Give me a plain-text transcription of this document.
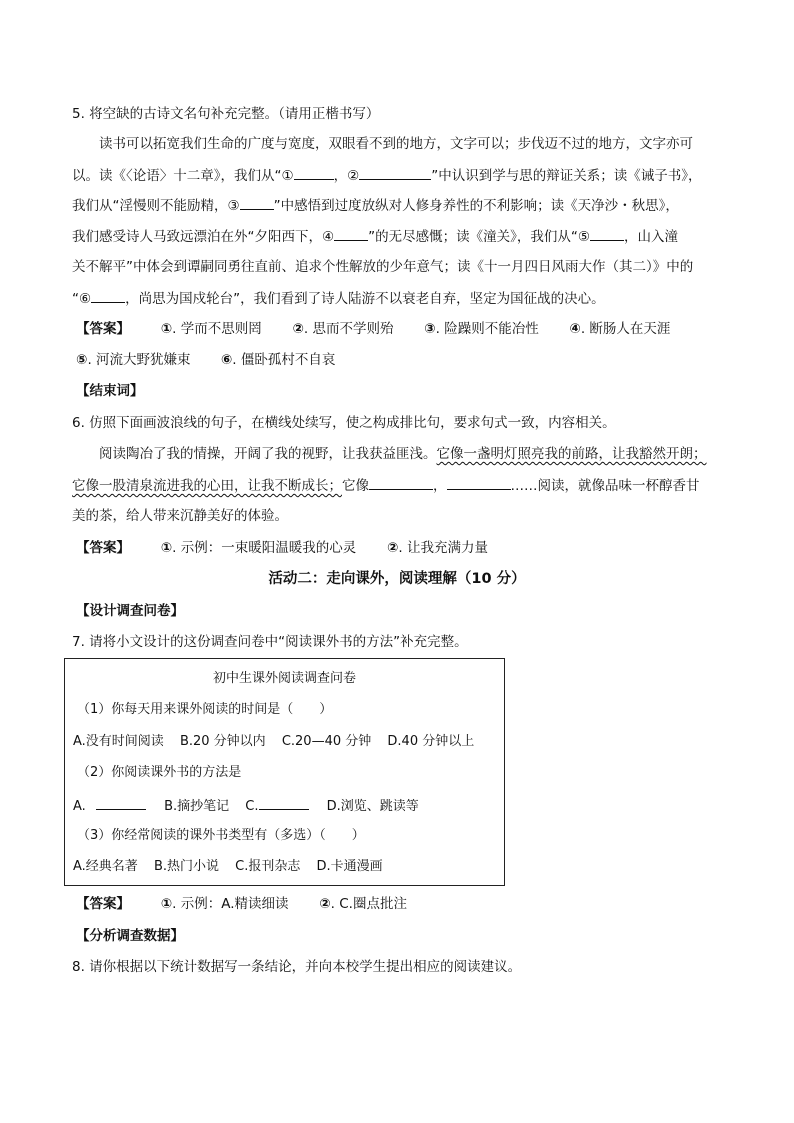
5. 将空缺的古诗文名句补充完整。（请用正楷书写）
读书可以拓宽我们生命的广度与宽度，双眼看不到的地方，文字可以；步伐迈不过的地方，文字亦可
以。读《〈论语〉十二章》，我们从“①	，②	”中认识到学与思的辩证关系；读《诫子书》，
我们从“淫慢则不能励精，③	”中感悟到过度放纵对人修身养性的不利影响；读《天净沙・秋思》，
我们感受诗人马致远漂泊在外“夕阳西下，④	”的无尽感慨；读《潼关》，我们从“⑤	，山入潼
关不解平”中体会到谭嗣同勇往直前、追求个性解放的少年意气；读《十一月四日风雨大作（其二）》中的
“⑥	，尚思为国戍轮台”，我们看到了诗人陆游不以衰老自弃，坚定为国征战的决心。
【答案】 ①. 学而不思则罔 ②. 思而不学则殆 ③. 险躁则不能冶性 ④. 断肠人在天涯
⑤. 河流大野犹嫌束 ⑥. 僵卧孤村不自哀
【结束词】
6. 仿照下面画波浪线的句子，在横线处续写，使之构成排比句，要求句式一致，内容相关。
阅读陶冶了我的情操，开阔了我的视野，让我获益匪浅。它像一盏明灯照亮我的前路，让我豁然开朗；
它像一股清泉流进我的心田，让我不断成长；它像	，	……阅读，就像品味一杯醇香甘
美的茶，给人带来沉静美好的体验。
【答案】 ①. 示例：一束暖阳温暖我的心灵 ②. 让我充满力量
活动二：走向课外，阅读理解（10 分）
【设计调查问卷】
7. 请将小文设计的这份调查问卷中“阅读课外书的方法”补充完整。
初中生课外阅读调查问卷
（1）你每天用来课外阅读的时间是（　　）
A.没有时间阅读 B.20 分钟以内 C.20—40 分钟 D.40 分钟以上
（2）你阅读课外书的方法是
A.	B.摘抄笔记 C.	D.浏览、跳读等
（3）你经常阅读的课外书类型有（多选）（　　）
A.经典名著 B.热门小说 C.报刊杂志 D.卡通漫画
【答案】 ①. 示例：A.精读细读 ②. C.圈点批注
【分析调查数据】
8. 请你根据以下统计数据写一条结论，并向本校学生提出相应的阅读建议。
